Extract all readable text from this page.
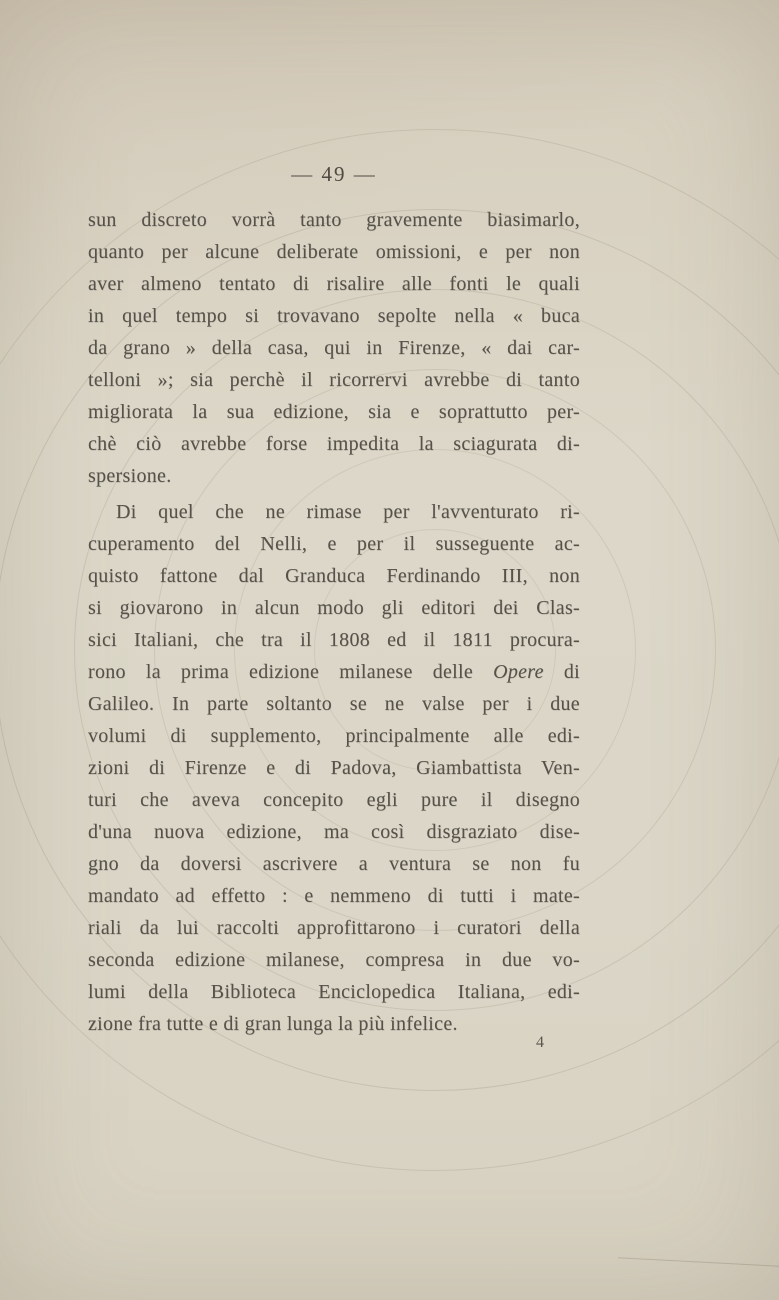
— 49 —
sun discreto vorrà tanto gravemente biasimarlo,
quanto per alcune deliberate omissioni, e per non
aver almeno tentato di risalire alle fonti le quali
in quel tempo si trovavano sepolte nella « buca
da grano » della casa, qui in Firenze, « dai car-
telloni »; sia perchè il ricorrervi avrebbe di tanto
migliorata la sua edizione, sia e soprattutto per-
chè ciò avrebbe forse impedita la sciagurata di-
spersione.
Di quel che ne rimase per l'avventurato ri-
cuperamento del Nelli, e per il susseguente ac-
quisto fattone dal Granduca Ferdinando III, non
si giovarono in alcun modo gli editori dei Clas-
sici Italiani, che tra il 1808 ed il 1811 procura-
rono la prima edizione milanese delle Opere di
Galileo. In parte soltanto se ne valse per i due
volumi di supplemento, principalmente alle edi-
zioni di Firenze e di Padova, Giambattista Ven-
turi che aveva concepito egli pure il disegno
d'una nuova edizione, ma così disgraziato dise-
gno da doversi ascrivere a ventura se non fu
mandato ad effetto : e nemmeno di tutti i mate-
riali da lui raccolti approfittarono i curatori della
seconda edizione milanese, compresa in due vo-
lumi della Biblioteca Enciclopedica Italiana, edi-
zione fra tutte e di gran lunga la più infelice.
4
